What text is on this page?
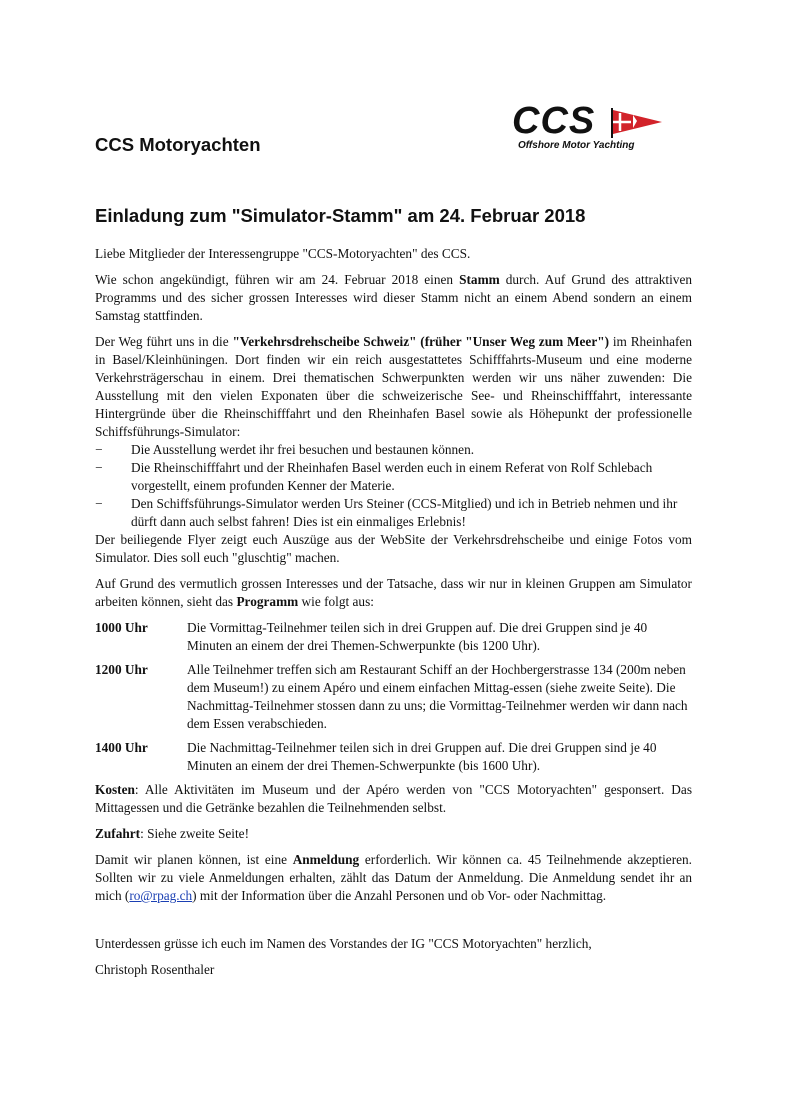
CCS Motoryachten
CCS
Offshore Motor Yachting
Einladung zum "Simulator-Stamm" am 24. Februar 2018

Liebe Mitglieder der Interessengruppe "CCS-Motoryachten" des CCS.

Wie schon angekündigt, führen wir am 24. Februar 2018 einen Stamm durch. Auf Grund des attraktiven Programms und des sicher grossen Interesses wird dieser Stamm nicht an einem Abend sondern an einem Samstag stattfinden.

Der Weg führt uns in die "Verkehrsdrehscheibe Schweiz" (früher "Unser Weg zum Meer") im Rheinhafen in Basel/Kleinhüningen. Dort finden wir ein reich ausgestattetes Schifffahrts-Museum und eine moderne Verkehrsträgerschau in einem. Drei thematischen Schwerpunkten werden wir uns näher zuwenden: Die Ausstellung mit den vielen Exponaten über die schweizerische See- und Rheinschifffahrt, interessante Hintergründe über die Rheinschifffahrt und den Rheinhafen Basel sowie als Höhepunkt der professionelle Schiffsführungs-Simulator:

− Die Ausstellung werdet ihr frei besuchen und bestaunen können.
− Die Rheinschifffahrt und der Rheinhafen Basel werden euch in einem Referat von Rolf Schlebach vorgestellt, einem profunden Kenner der Materie.
− Den Schiffsführungs-Simulator werden Urs Steiner (CCS-Mitglied) und ich in Betrieb nehmen und ihr dürft dann auch selbst fahren! Dies ist ein einmaliges Erlebnis!

Der beiliegende Flyer zeigt euch Auszüge aus der WebSite der Verkehrsdrehscheibe und einige Fotos vom Simulator. Dies soll euch "gluschtig" machen.

Auf Grund des vermutlich grossen Interesses und der Tatsache, dass wir nur in kleinen Gruppen am Simulator arbeiten können, sieht das Programm wie folgt aus:

1000 Uhr	Die Vormittag-Teilnehmer teilen sich in drei Gruppen auf. Die drei Gruppen sind je 40 Minuten an einem der drei Themen-Schwerpunkte (bis 1200 Uhr).
1200 Uhr	Alle Teilnehmer treffen sich am Restaurant Schiff an der Hochbergerstrasse 134 (200m neben dem Museum!) zu einem Apéro und einem einfachen Mittag-essen (siehe zweite Seite). Die Nachmittag-Teilnehmer stossen dann zu uns; die Vormittag-Teilnehmer werden wir dann nach dem Essen verabschieden.
1400 Uhr	Die Nachmittag-Teilnehmer teilen sich in drei Gruppen auf. Die drei Gruppen sind je 40 Minuten an einem der drei Themen-Schwerpunkte (bis 1600 Uhr).

Kosten: Alle Aktivitäten im Museum und der Apéro werden von "CCS Motoryachten" gesponsert. Das Mittagessen und die Getränke bezahlen die Teilnehmenden selbst.

Zufahrt: Siehe zweite Seite!

Damit wir planen können, ist eine Anmeldung erforderlich. Wir können ca. 45 Teilnehmende akzeptieren. Sollten wir zu viele Anmeldungen erhalten, zählt das Datum der Anmeldung. Die Anmeldung sendet ihr an mich (ro@rpag.ch) mit der Information über die Anzahl Personen und ob Vor- oder Nachmittag.

Unterdessen grüsse ich euch im Namen des Vorstandes der IG "CCS Motoryachten" herzlich,

Christoph Rosenthaler
